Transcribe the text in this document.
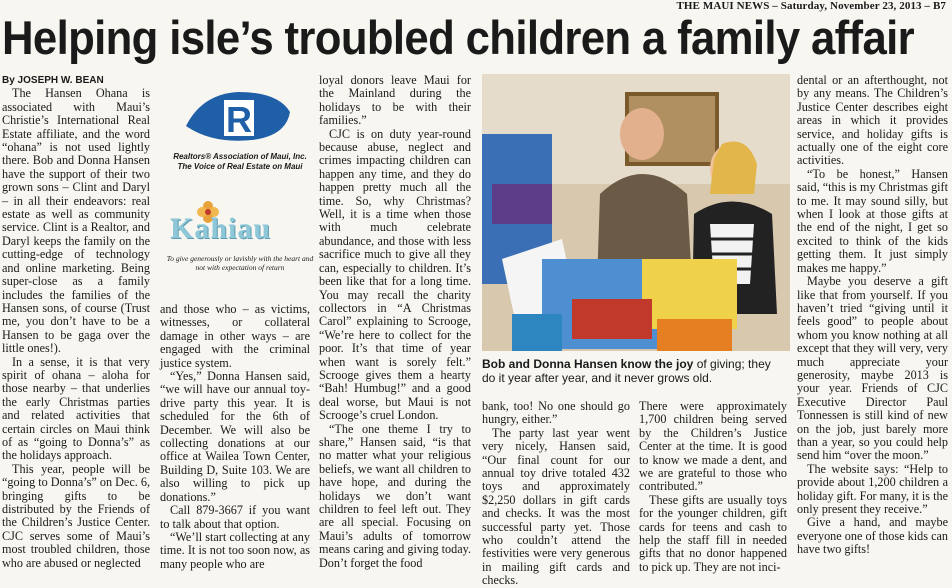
THE MAUI NEWS – Saturday, November 23, 2013 – B7
Helping isle’s troubled children a family affair

By JOSEPH W. BEAN

The Hansen Ohana is associated with Maui’s Christie’s International Real Estate affiliate, and the word “ohana” is not used lightly there. Bob and Donna Hansen have the support of their two grown sons – Clint and Daryl – in all their endeavors: real estate as well as community service. Clint is a Realtor, and Daryl keeps the family on the cutting-edge of technology and online marketing. Being super-close as a family includes the families of the Hansen sons, of course (Trust me, you don’t have to be a Hansen to be gaga over the little ones!).

In a sense, it is that very spirit of ohana – aloha for those nearby – that underlies the early Christmas parties and related activities that certain circles on Maui think of as “going to Donna’s” as the holidays approach.

This year, people will be “going to Donna’s” on Dec. 6, bringing gifts to be distributed by the Friends of the Children’s Justice Center. CJC serves some of Maui’s most troubled children, those who are abused or neglected

R
Realtors® Association of Maui, Inc.
The Voice of Real Estate on Maui
Kahiau
To give generously or lavishly with the heart and not with expectation of return

and those who – as victims, witnesses, or collateral damage in other ways – are engaged with the criminal justice system.

“Yes,” Donna Hansen said, “we will have our annual toy-drive party this year. It is scheduled for the 6th of December. We will also be collecting donations at our office at Wailea Town Center, Building D, Suite 103. We are also willing to pick up donations.”

Call 879-3667 if you want to talk about that option.

“We’ll start collecting at any time. It is not too soon now, as many people who are

loyal donors leave Maui for the Mainland during the holidays to be with their families.”

CJC is on duty year-round because abuse, neglect and crimes impacting children can happen any time, and they do happen pretty much all the time. So, why Christmas? Well, it is a time when those with much celebrate abundance, and those with less sacrifice much to give all they can, especially to children. It’s been like that for a long time. You may recall the charity collectors in “A Christmas Carol” explaining to Scrooge, “We’re here to collect for the poor. It’s that time of year when want is sorely felt.” Scrooge gives them a hearty “Bah! Humbug!” and a good deal worse, but Maui is not Scrooge’s cruel London.

“The one theme I try to share,” Hansen said, “is that no matter what your religious beliefs, we want all children to have hope, and during the holidays we don’t want children to feel left out. They are all special. Focusing on Maui’s adults of tomorrow means caring and giving today. Don’t forget the food

Bob and Donna Hansen know the joy of giving; they do it year after year, and it never grows old.

bank, too! No one should go hungry, either.”

The party last year went very nicely, Hansen said, “Our final count for our annual toy drive totaled 432 toys and approximately $2,250 dollars in gift cards and checks. It was the most successful party yet. Those who couldn’t attend the festivities were very generous in mailing gift cards and checks.

There were approximately 1,700 children being served by the Children’s Justice Center at the time. It is good to know we made a dent, and we are grateful to those who contributed.”

These gifts are usually toys for the younger children, gift cards for teens and cash to help the staff fill in needed gifts that no donor happened to pick up. They are not inci-

dental or an afterthought, not by any means. The Children’s Justice Center describes eight areas in which it provides service, and holiday gifts is actually one of the eight core activities.

“To be honest,” Hansen said, “this is my Christmas gift to me. It may sound silly, but when I look at those gifts at the end of the night, I get so excited to think of the kids getting them. It just simply makes me happy.”

Maybe you deserve a gift like that from yourself. If you haven’t tried “giving until it feels good” to people about whom you know nothing at all except that they will very, very much appreciate your generosity, maybe 2013 is your year. Friends of CJC Executive Director Paul Tonnessen is still kind of new on the job, just barely more than a year, so you could help send him “over the moon.”

The website says: “Help to provide about 1,200 children a holiday gift. For many, it is the only present they receive.”

Give a hand, and maybe everyone one of those kids can have two gifts!
